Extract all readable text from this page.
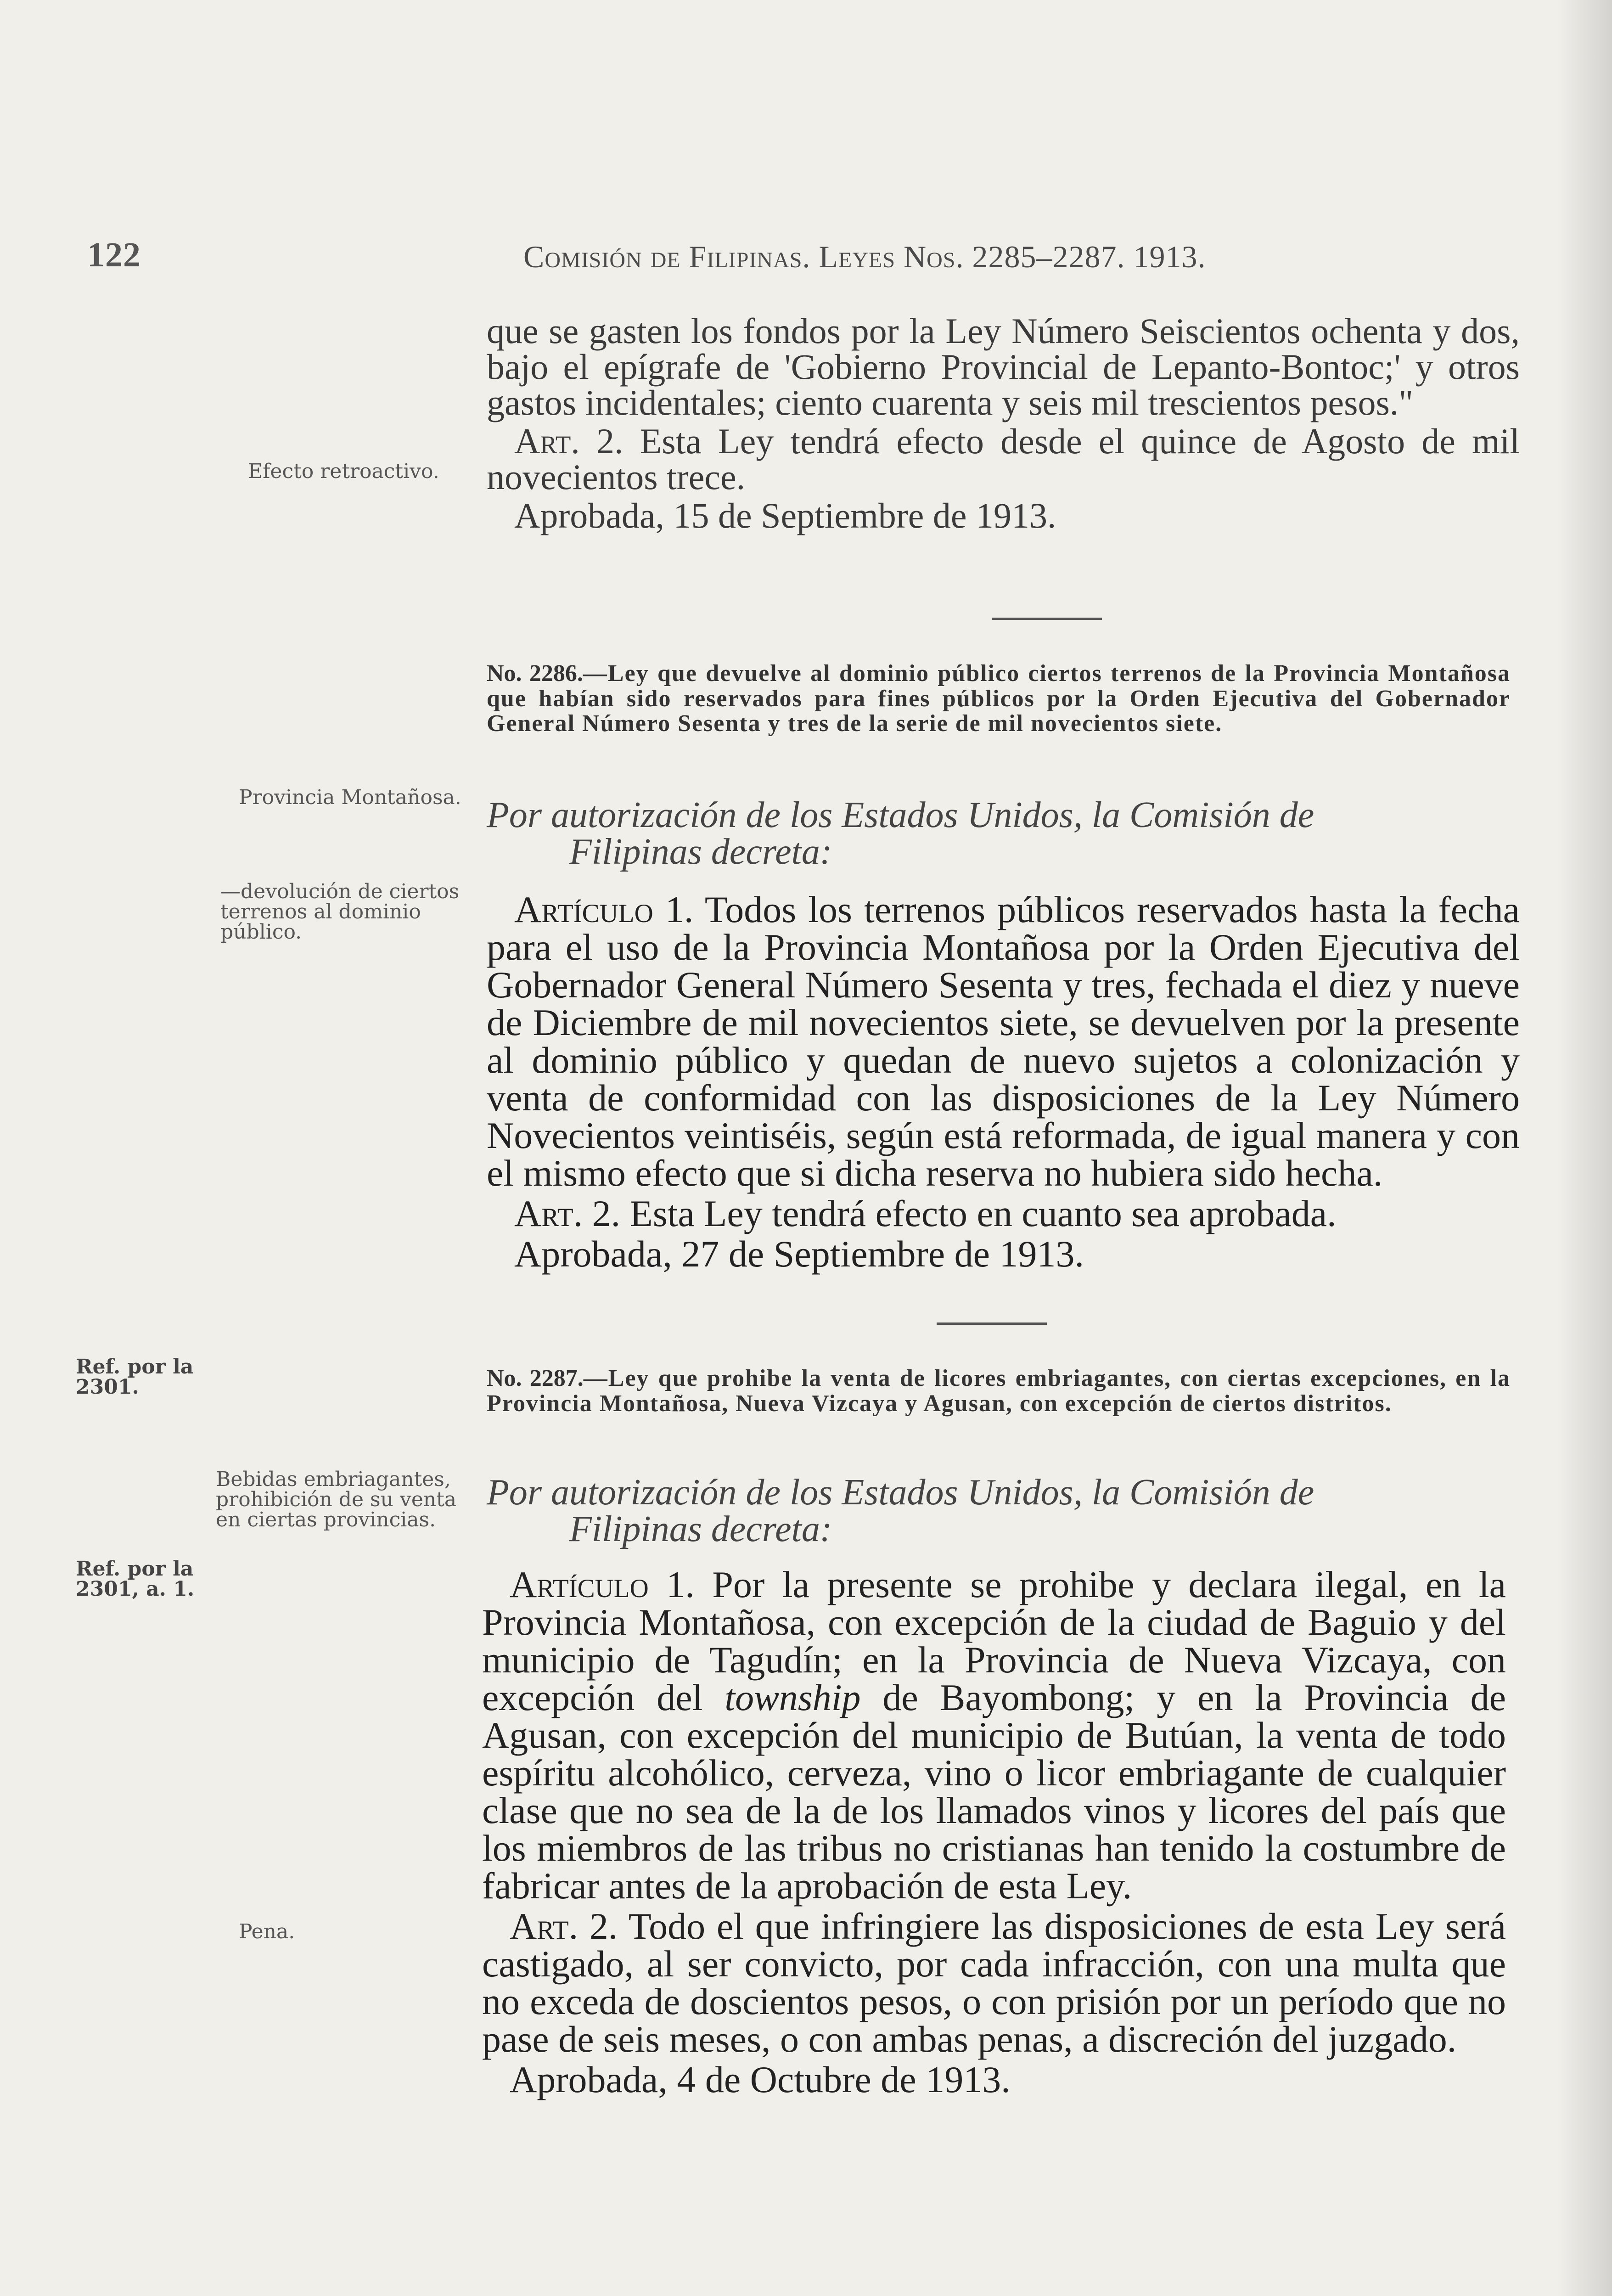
122	Comisión de Filipinas. Leyes Nos. 2285–2287. 1913.

que se gasten los fondos por la Ley Número Seiscientos ochenta y dos, bajo el epígrafe de 'Gobierno Provincial de Lepanto-Bontoc;' y otros gastos incidentales; ciento cuarenta y seis mil trescientos pesos."

Art. 2. Esta Ley tendrá efecto desde el quince de Agosto de mil novecientos trece.

Aprobada, 15 de Septiembre de 1913.

No. 2286.—Ley que devuelve al dominio público ciertos terrenos de la Provincia Montañosa que habían sido reservados para fines públicos por la Orden Ejecutiva del Gobernador General Número Sesenta y tres de la serie de mil novecientos siete.
Por autorización de los Estados Unidos, la Comisión de
Filipinas decreta:

Artículo 1. Todos los terrenos públicos reservados hasta la fecha para el uso de la Provincia Montañosa por la Orden Ejecutiva del Gobernador General Número Sesenta y tres, fechada el diez y nueve de Diciembre de mil novecientos siete, se devuelven por la presente al dominio público y quedan de nuevo sujetos a colonización y venta de conformidad con las disposiciones de la Ley Número Novecientos veintiséis, según está reformada, de igual manera y con el mismo efecto que si dicha reserva no hubiera sido hecha.

Art. 2. Esta Ley tendrá efecto en cuanto sea aprobada.

Aprobada, 27 de Septiembre de 1913.

No. 2287.—Ley que prohibe la venta de licores embriagantes, con ciertas excepciones, en la Provincia Montañosa, Nueva Vizcaya y Agusan, con excepción de ciertos distritos.
Por autorización de los Estados Unidos, la Comisión de
Filipinas decreta:

Artículo 1. Por la presente se prohibe y declara ilegal, en la Provincia Montañosa, con excepción de la ciudad de Baguio y del municipio de Tagudín; en la Provincia de Nueva Vizcaya, con excepción del township de Bayombong; y en la Provincia de Agusan, con excepción del municipio de Butúan, la venta de todo espíritu alcohólico, cerveza, vino o licor embriagante de cualquier clase que no sea de la de los llamados vinos y licores del país que los miembros de las tribus no cristianas han tenido la costumbre de fabricar antes de la aprobación de esta Ley.

Art. 2. Todo el que infringiere las disposiciones de esta Ley será castigado, al ser convicto, por cada infracción, con una multa que no exceda de doscientos pesos, o con prisión por un período que no pase de seis meses, o con ambas penas, a discreción del juzgado.

Aprobada, 4 de Octubre de 1913.

Efecto retroactivo.
Provincia Montañosa.
—devolución de ciertos terrenos al dominio público.
Ref. por la 2301.
Bebidas embriagantes, prohibición de su venta en ciertas provincias.
Ref. por la 2301, a. 1.
Pena.
